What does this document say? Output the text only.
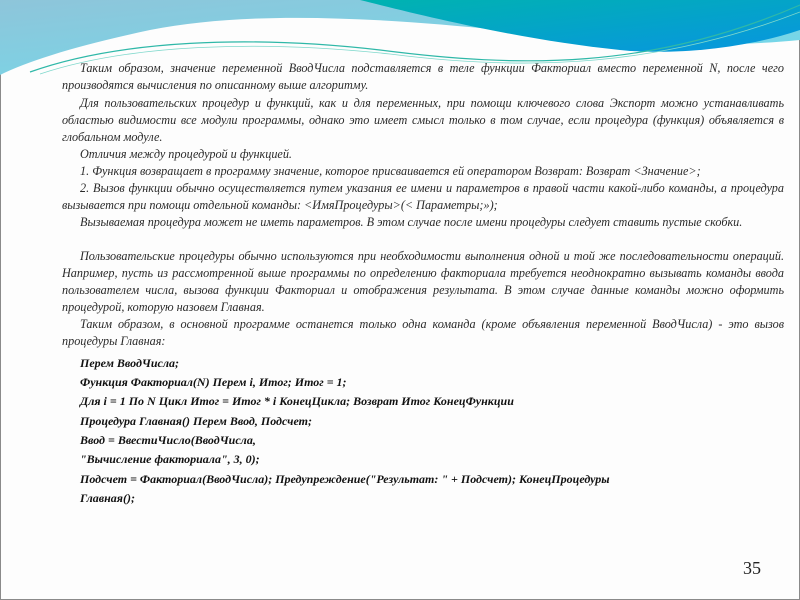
Таким образом, значение переменной ВводЧисла подставляется в теле функции Факториал вместо переменной N, после чего производятся вычисления по описанному выше алгоритму.
Для пользовательских процедур и функций, как и для переменных, при помощи ключевого слова Экспорт можно устанавливать областью видимости все модули программы, однако это имеет смысл только в том случае, если процедура (функция) объявляется в глобальном модуле.
Отличия между процедурой и функцией.
1. Функция возвращает в программу значение, которое присваивается ей оператором Возврат: Возврат <Значение>;
2. Вызов функции обычно осуществляется путем указания ее имени и параметров в правой части какой-либо команды, а процедура вызывается при помощи отдельной команды: <ИмяПроцедуры>(< Параметры;»);
Вызываемая процедура может не иметь параметров. В этом случае после имени процедуры следует ставить пустые скобки.
Пользовательские процедуры обычно используются при необходимости выполнения одной и той же последовательности операций. Например, пусть из рассмотренной выше программы по определению факториала требуется неоднократно вызывать команды ввода пользователем числа, вызова функции Факториал и отображения результата. В этом случае данные команды можно оформить процедурой, которую назовем Главная.
Таким образом, в основной программе останется только одна команда (кроме объявления переменной ВводЧисла) - это вызов процедуры Главная:
Перем ВводЧисла;
Функция Факториал(N) Перем i, Итог; Итог = 1;
Для i = 1 По N Цикл Итог = Итог * i КонецЦикла; Возврат Итог КонецФункции
Процедура Главная() Перем Ввод, Подсчет;
Ввод = ВвестиЧисло(ВводЧисла,
"Вычисление факториала", 3, 0);
Подсчет = Факториал(ВводЧисла); Предупреждение("Результат: " + Подсчет); КонецПроцедуры
Главная();
35
